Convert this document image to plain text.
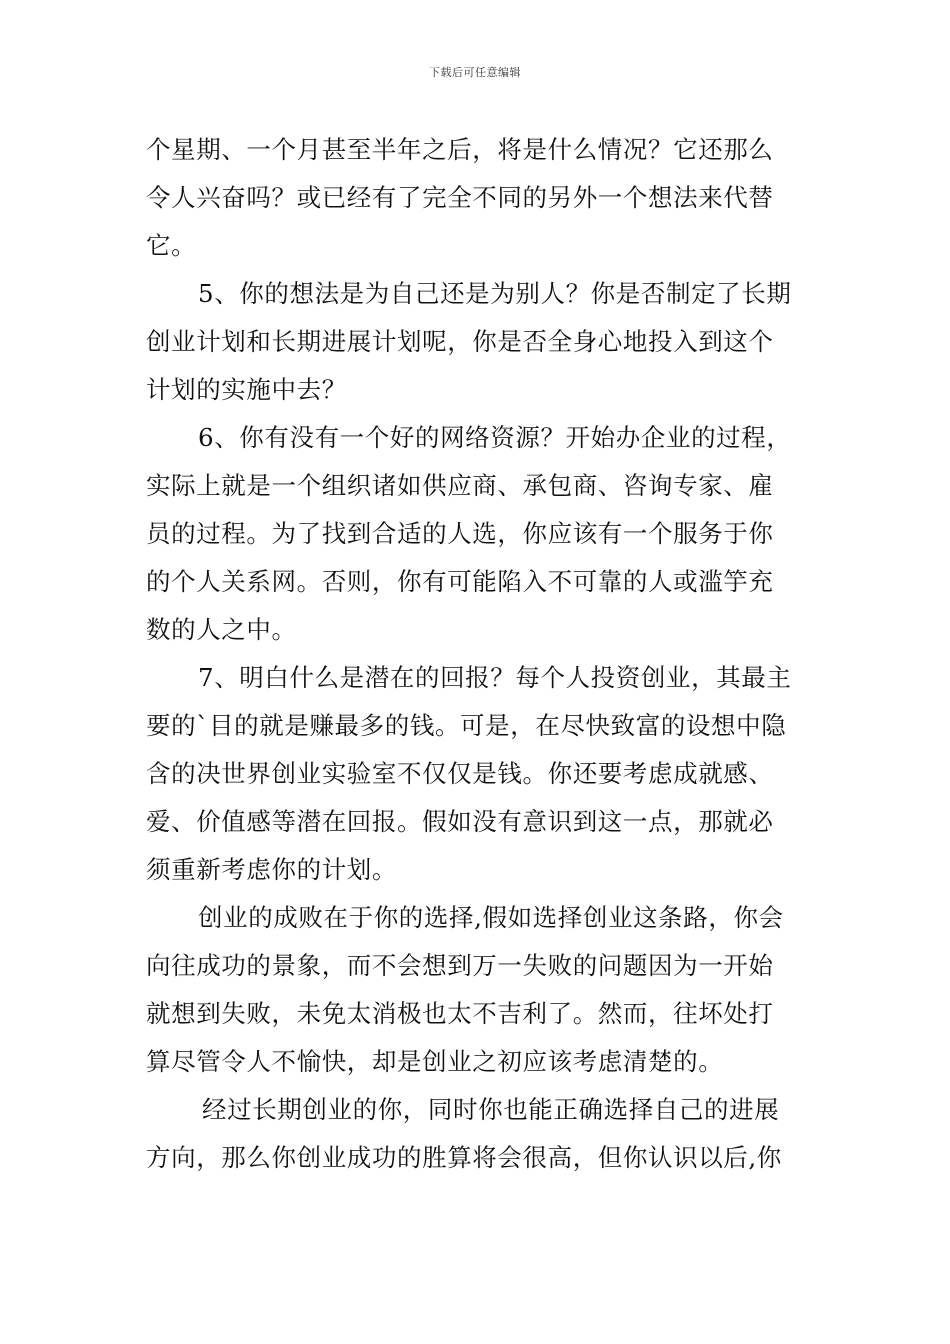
下载后可任意编辑
个星期、一个月甚至半年之后，将是什么情况？它还那么
令人兴奋吗？或已经有了完全不同的另外一个想法来代替
它。
5、你的想法是为自己还是为别人？你是否制定了长期
创业计划和长期进展计划呢，你是否全身心地投入到这个
计划的实施中去？
6、你有没有一个好的网络资源？开始办企业的过程，
实际上就是一个组织诸如供应商、承包商、咨询专家、雇
员的过程。为了找到合适的人选，你应该有一个服务于你
的个人关系网。否则，你有可能陷入不可靠的人或滥竽充
数的人之中。
7、明白什么是潜在的回报？每个人投资创业，其最主
要的`目的就是赚最多的钱。可是，在尽快致富的设想中隐
含的决世界创业实验室不仅仅是钱。你还要考虑成就感、
爱、价值感等潜在回报。假如没有意识到这一点，那就必
须重新考虑你的计划。
创业的成败在于你的选择,假如选择创业这条路，你会
向往成功的景象，而不会想到万一失败的问题因为一开始
就想到失败，未免太消极也太不吉利了。然而，往坏处打
算尽管令人不愉快，却是创业之初应该考虑清楚的。
经过长期创业的你，同时你也能正确选择自己的进展
方向，那么你创业成功的胜算将会很高，但你认识以后,你
